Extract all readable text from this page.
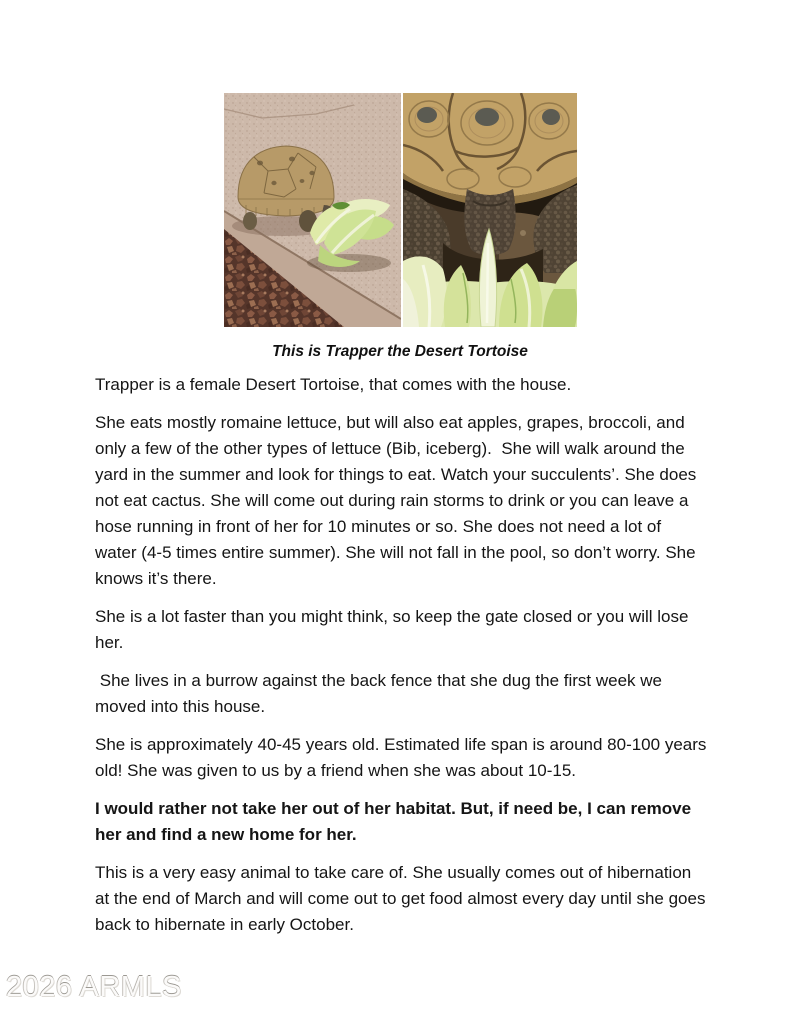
This is Trapper the Desert Tortoise

Trapper is a female Desert Tortoise, that comes with the house.

She eats mostly romaine lettuce, but will also eat apples, grapes, broccoli, and only a few of the other types of lettuce (Bib, iceberg).  She will walk around the yard in the summer and look for things to eat. Watch your succulents’. She does not eat cactus. She will come out during rain storms to drink or you can leave a hose running in front of her for 10 minutes or so. She does not need a lot of water (4-5 times entire summer). She will not fall in the pool, so don’t worry. She knows it’s there.

She is a lot faster than you might think, so keep the gate closed or you will lose her.

She lives in a burrow against the back fence that she dug the first week we moved into this house.

She is approximately 40-45 years old. Estimated life span is around 80-100 years old! She was given to us by a friend when she was about 10-15.

I would rather not take her out of her habitat. But, if need be, I can remove her and find a new home for her.

This is a very easy animal to take care of. She usually comes out of hibernation at the end of March and will come out to get food almost every day until she goes back to hibernate in early October.

2026 ARMLS
